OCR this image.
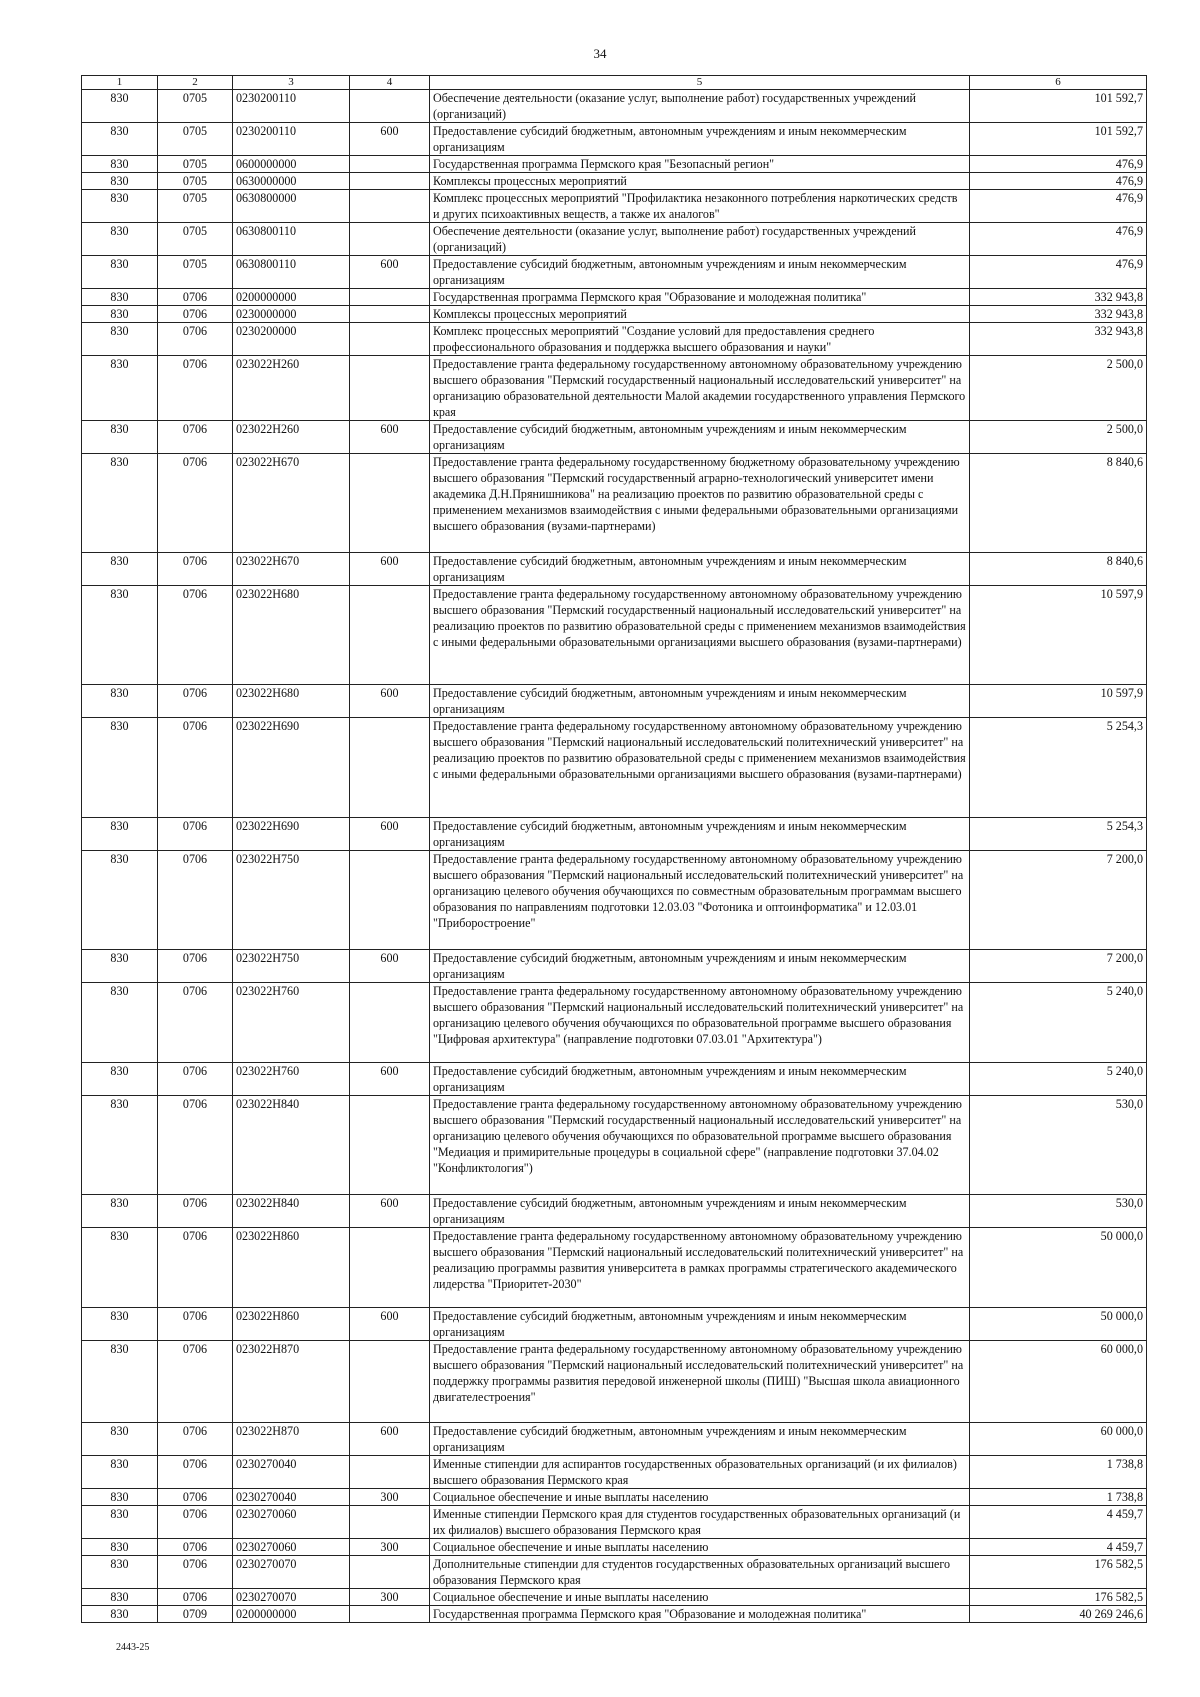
34
1	2	3	4	5	6
830	0705	0230200110		Обеспечение деятельности (оказание услуг, выполнение работ) государственных учреждений (организаций)	101 592,7
830	0705	0230200110	600	Предоставление субсидий бюджетным, автономным учреждениям и иным некоммерческим организациям	101 592,7
830	0705	0600000000		Государственная программа Пермского края "Безопасный регион"	476,9
830	0705	0630000000		Комплексы процессных мероприятий	476,9
830	0705	0630800000		Комплекс процессных мероприятий "Профилактика незаконного потребления наркотических средств и других психоактивных веществ, а также их аналогов"	476,9
830	0705	0630800110		Обеспечение деятельности (оказание услуг, выполнение работ) государственных учреждений (организаций)	476,9
830	0705	0630800110	600	Предоставление субсидий бюджетным, автономным учреждениям и иным некоммерческим организациям	476,9
830	0706	0200000000		Государственная программа Пермского края "Образование и молодежная политика"	332 943,8
830	0706	0230000000		Комплексы процессных мероприятий	332 943,8
830	0706	0230200000		Комплекс процессных мероприятий "Создание условий для предоставления среднего профессионального образования и поддержка высшего образования и науки"	332 943,8
830	0706	023022Н260		Предоставление гранта федеральному государственному автономному образовательному учреждению высшего образования "Пермский государственный национальный исследовательский университет" на организацию образовательной деятельности Малой академии государственного управления Пермского края	2 500,0
830	0706	023022Н260	600	Предоставление субсидий бюджетным, автономным учреждениям и иным некоммерческим организациям	2 500,0
830	0706	023022Н670		Предоставление гранта федеральному государственному бюджетному образовательному учреждению высшего образования "Пермский государственный аграрно-технологический университет имени академика Д.Н.Прянишникова" на реализацию проектов по развитию образовательной среды с применением механизмов взаимодействия с иными федеральными образовательными организациями высшего образования (вузами-партнерами)	8 840,6
830	0706	023022Н670	600	Предоставление субсидий бюджетным, автономным учреждениям и иным некоммерческим организациям	8 840,6
830	0706	023022Н680		Предоставление гранта федеральному государственному автономному образовательному учреждению высшего образования "Пермский государственный национальный исследовательский университет" на реализацию проектов по развитию образовательной среды с применением механизмов взаимодействия с иными федеральными образовательными организациями высшего образования (вузами-партнерами)	10 597,9
830	0706	023022Н680	600	Предоставление субсидий бюджетным, автономным учреждениям и иным некоммерческим организациям	10 597,9
830	0706	023022Н690		Предоставление гранта федеральному государственному автономному образовательному учреждению высшего образования "Пермский национальный исследовательский политехнический университет" на реализацию проектов по развитию образовательной среды с применением механизмов взаимодействия с иными федеральными образовательными организациями высшего образования (вузами-партнерами)	5 254,3
830	0706	023022Н690	600	Предоставление субсидий бюджетным, автономным учреждениям и иным некоммерческим организациям	5 254,3
830	0706	023022Н750		Предоставление гранта федеральному государственному автономному образовательному учреждению высшего образования "Пермский национальный исследовательский политехнический университет" на организацию целевого обучения обучающихся по совместным образовательным программам высшего образования по направлениям подготовки 12.03.03 "Фотоника и оптоинформатика" и 12.03.01 "Приборостроение"	7 200,0
830	0706	023022Н750	600	Предоставление субсидий бюджетным, автономным учреждениям и иным некоммерческим организациям	7 200,0
830	0706	023022Н760		Предоставление гранта федеральному государственному автономному образовательному учреждению высшего образования "Пермский национальный исследовательский политехнический университет" на организацию целевого обучения обучающихся по образовательной программе высшего образования "Цифровая архитектура" (направление подготовки 07.03.01 "Архитектура")	5 240,0
830	0706	023022Н760	600	Предоставление субсидий бюджетным, автономным учреждениям и иным некоммерческим организациям	5 240,0
830	0706	023022Н840		Предоставление гранта федеральному государственному автономному образовательному учреждению высшего образования "Пермский государственный национальный исследовательский университет" на организацию целевого обучения обучающихся по образовательной программе высшего образования "Медиация и примирительные процедуры в социальной сфере" (направление подготовки 37.04.02 "Конфликтология")	530,0
830	0706	023022Н840	600	Предоставление субсидий бюджетным, автономным учреждениям и иным некоммерческим организациям	530,0
830	0706	023022Н860		Предоставление гранта федеральному государственному автономному образовательному учреждению высшего образования "Пермский национальный исследовательский политехнический университет" на реализацию программы развития университета в рамках программы стратегического академического лидерства "Приоритет-2030"	50 000,0
830	0706	023022Н860	600	Предоставление субсидий бюджетным, автономным учреждениям и иным некоммерческим организациям	50 000,0
830	0706	023022Н870		Предоставление гранта федеральному государственному автономному образовательному учреждению высшего образования "Пермский национальный исследовательский политехнический университет" на поддержку программы развития передовой инженерной школы (ПИШ) "Высшая школа авиационного двигателестроения"	60 000,0
830	0706	023022Н870	600	Предоставление субсидий бюджетным, автономным учреждениям и иным некоммерческим организациям	60 000,0
830	0706	0230270040		Именные стипендии для аспирантов государственных образовательных организаций (и их филиалов) высшего образования Пермского края	1 738,8
830	0706	0230270040	300	Социальное обеспечение и иные выплаты населению	1 738,8
830	0706	0230270060		Именные стипендии Пермского края для студентов государственных образовательных организаций (и их филиалов) высшего образования Пермского края	4 459,7
830	0706	0230270060	300	Социальное обеспечение и иные выплаты населению	4 459,7
830	0706	0230270070		Дополнительные стипендии для студентов государственных образовательных организаций высшего образования Пермского края	176 582,5
830	0706	0230270070	300	Социальное обеспечение и иные выплаты населению	176 582,5
830	0709	0200000000		Государственная программа Пермского края "Образование и молодежная политика"	40 269 246,6
2443-25
